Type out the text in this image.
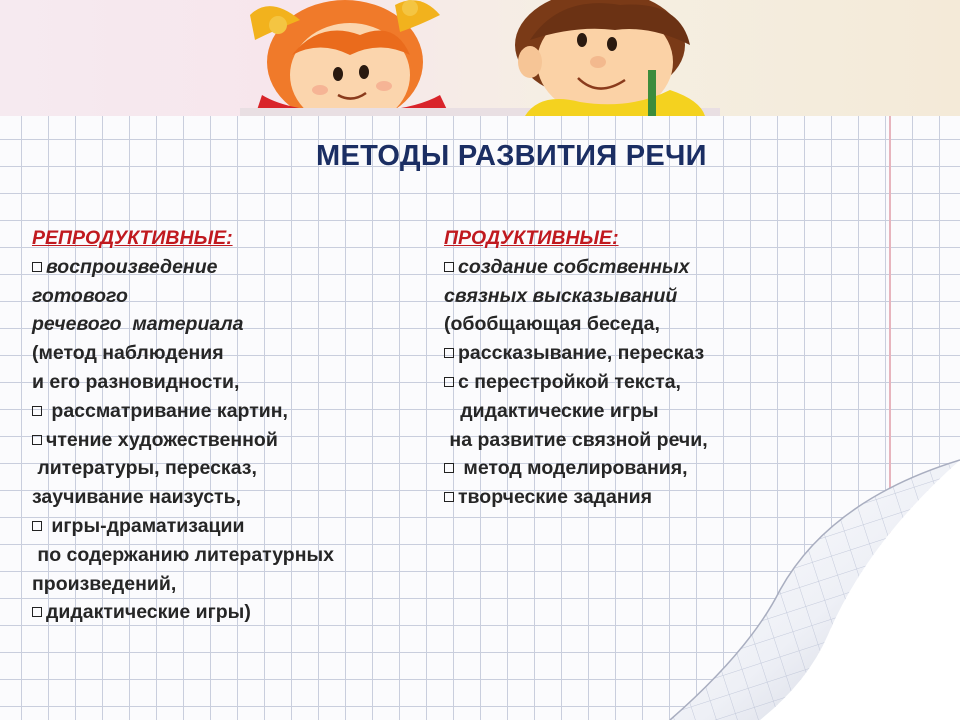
МЕТОДЫ РАЗВИТИЯ РЕЧИ
РЕПРОДУКТИВНЫЕ:
воспроизведение
готового
речевого  материала
(метод наблюдения
и его разновидности,
рассматривание картин,
чтение художественной
литературы, пересказ,
заучивание наизусть,
игры-драматизации
по содержанию литературных
произведений,
дидактические игры)
ПРОДУКТИВНЫЕ:
создание собственных
связных высказываний
(обобщающая беседа,
рассказывание, пересказ
с перестройкой текста,
дидактические игры
на развитие связной речи,
метод моделирования,
творческие задания
